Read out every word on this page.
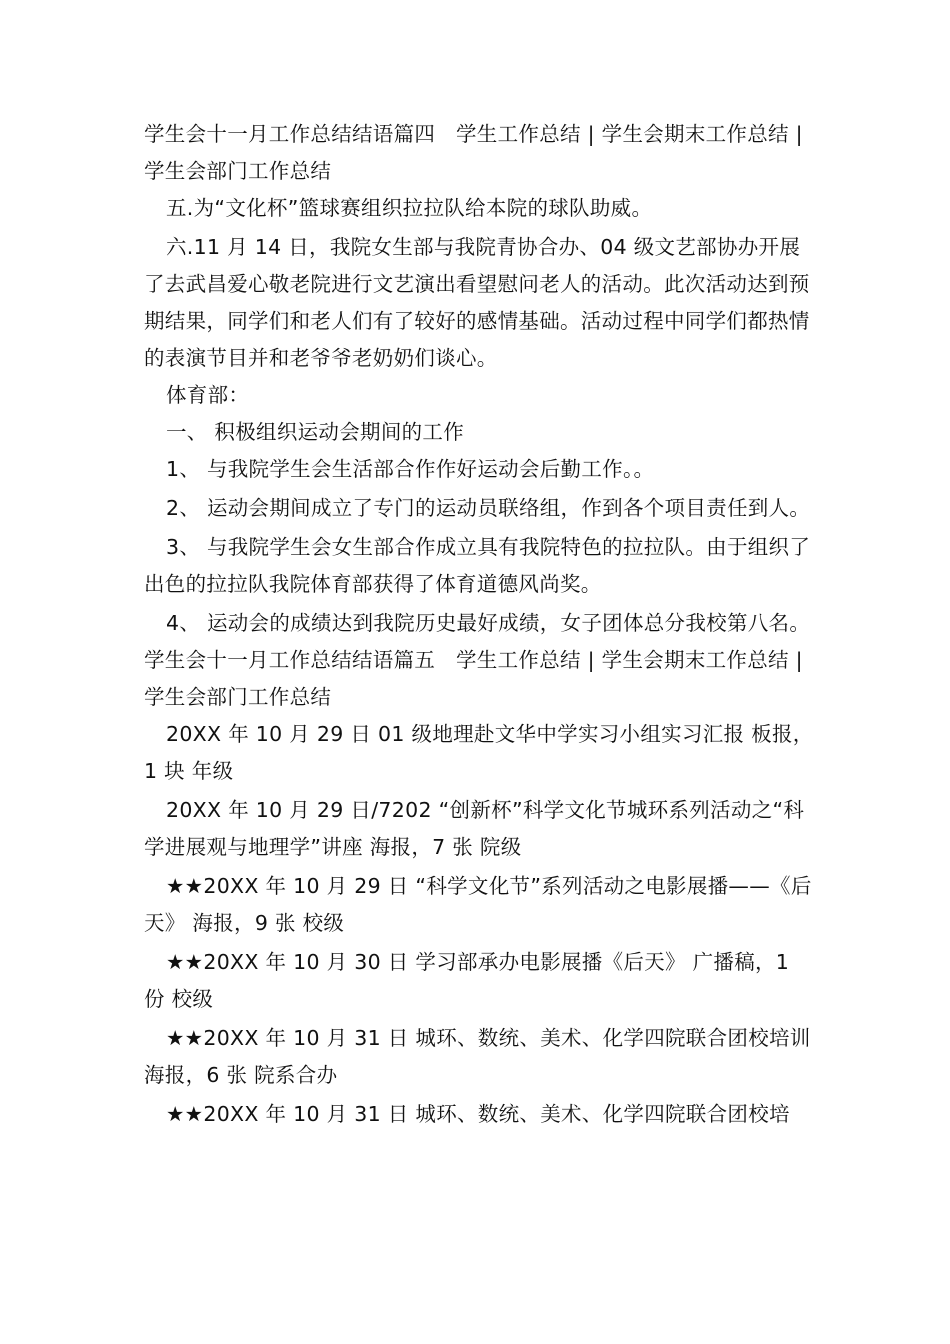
学生会十一月工作总结结语篇四　学生工作总结 | 学生会期末工作总结 | 学生会部门工作总结

五.为“文化杯”篮球赛组织拉拉队给本院的球队助威。

六.11 月 14 日，我院女生部与我院青协合办、04 级文艺部协办开展了去武昌爱心敬老院进行文艺演出看望慰问老人的活动。此次活动达到预期结果，同学们和老人们有了较好的感情基础。活动过程中同学们都热情的表演节目并和老爷爷老奶奶们谈心。

体育部：

一、 积极组织运动会期间的工作

1、 与我院学生会生活部合作作好运动会后勤工作。。

2、 运动会期间成立了专门的运动员联络组，作到各个项目责任到人。

3、 与我院学生会女生部合作成立具有我院特色的拉拉队。由于组织了出色的拉拉队我院体育部获得了体育道德风尚奖。

4、 运动会的成绩达到我院历史最好成绩，女子团体总分我校第八名。

学生会十一月工作总结结语篇五　学生工作总结 | 学生会期末工作总结 | 学生会部门工作总结

20XX 年 10 月 29 日 01 级地理赴文华中学实习小组实习汇报 板报，1 块 年级

20XX 年 10 月 29 日/7202 “创新杯”科学文化节城环系列活动之“科学进展观与地理学”讲座 海报，7 张 院级

★★20XX 年 10 月 29 日 “科学文化节”系列活动之电影展播——《后天》 海报，9 张 校级

★★20XX 年 10 月 30 日 学习部承办电影展播《后天》 广播稿，1 份 校级

★★20XX 年 10 月 31 日 城环、数统、美术、化学四院联合团校培训 海报，6 张 院系合办

★★20XX 年 10 月 31 日 城环、数统、美术、化学四院联合团校培
